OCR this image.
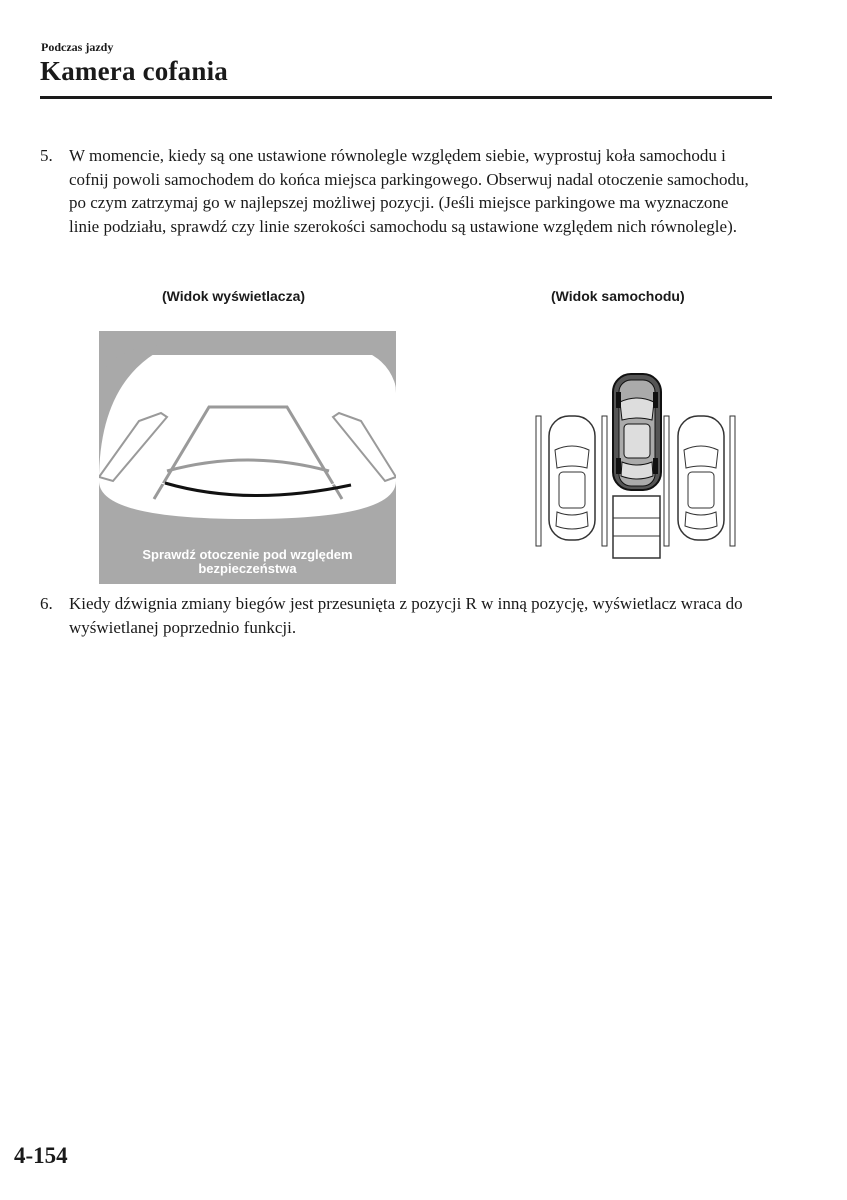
Podczas jazdy
Kamera cofania
5. W momencie, kiedy są one ustawione równolegle względem siebie, wyprostuj koła samochodu i cofnij powoli samochodem do końca miejsca parkingowego. Obserwuj nadal otoczenie samochodu, po czym zatrzymaj go w najlepszej możliwej pozycji. (Jeśli miejsce parkingowe ma wyznaczone linie podziału, sprawdź czy linie szerokości samochodu są ustawione względem nich równolegle).
(Widok wyświetlacza)	(Widok samochodu)
Sprawdź otoczenie pod względem bezpieczeństwa
6. Kiedy dźwignia zmiany biegów jest przesunięta z pozycji R w inną pozycję, wyświetlacz wraca do wyświetlanej poprzednio funkcji.
4-154
